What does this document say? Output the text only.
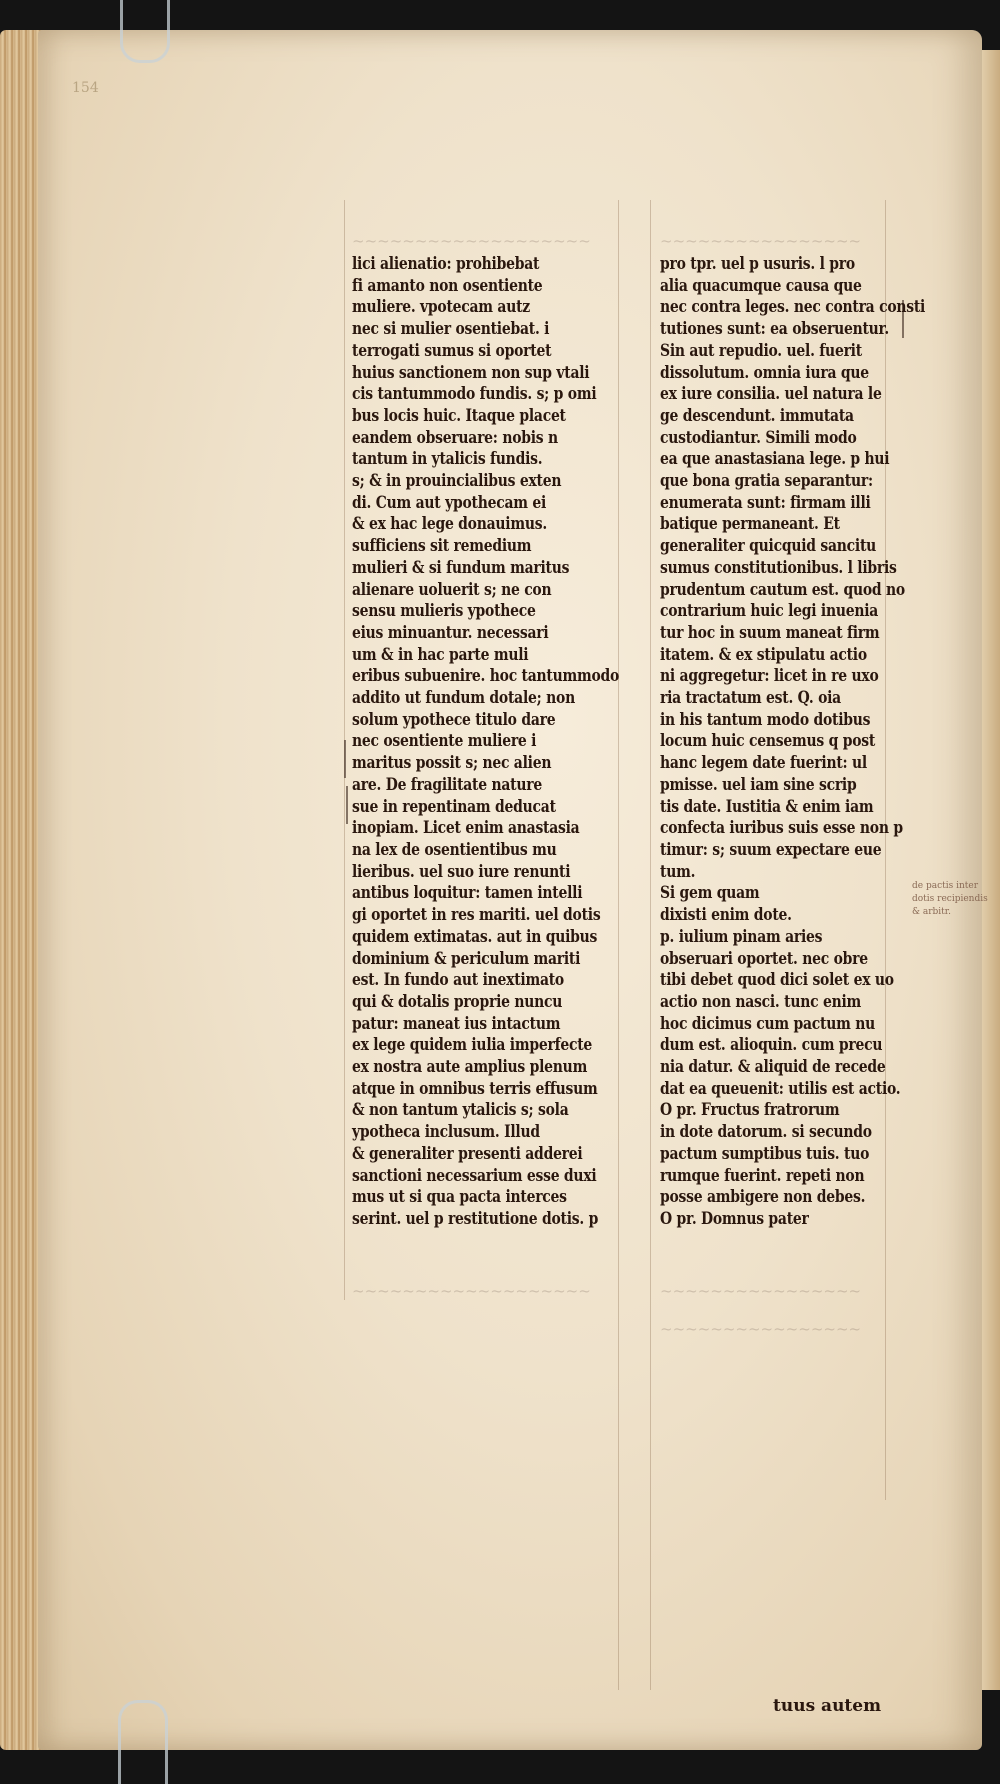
154
~~~~~~~~~~~~~~~~~~~	~~~~~~~~~~~~~~~~
~~~~~~~~~~~~~~~~~~~	~~~~~~~~~~~~~~~~
~~~~~~~~~~~~~~~~
lici alienatio: prohibebat
fi amanto non osentiente
muliere. vpotecam autz
nec si mulier osentiebat. i
terrogati sumus si oportet
huius sanctionem non sup vtali
cis tantummodo fundis. s; p omi
bus locis huic. Itaque placet
eandem obseruare: nobis n
tantum in ytalicis fundis.
s; & in prouincialibus exten
di. Cum aut ypothecam ei
& ex hac lege donauimus.
sufficiens sit remedium
mulieri & si fundum maritus
alienare uoluerit s; ne con
sensu mulieris ypothece
eius minuantur. necessari
um & in hac parte muli
eribus subuenire. hoc tantummodo
addito ut fundum dotale; non
solum ypothece titulo dare
nec osentiente muliere i
maritus possit s; nec alien
are. De fragilitate nature
sue in repentinam deducat
inopiam. Licet enim anastasia
na lex de osentientibus mu
lieribus. uel suo iure renunti
antibus loquitur: tamen intelli
gi oportet in res mariti. uel dotis
quidem extimatas. aut in quibus
dominium & periculum mariti
est. In fundo aut inextimato
qui & dotalis proprie nuncu
patur: maneat ius intactum
ex lege quidem iulia imperfecte
ex nostra aute amplius plenum
atque in omnibus terris effusum
& non tantum ytalicis s; sola
ypotheca inclusum. Illud
& generaliter presenti adderei
sanctioni necessarium esse duxi
mus ut si qua pacta interces
serint. uel p restitutione dotis. p
pro tpr. uel p usuris. l pro
alia quacumque causa que
nec contra leges. nec contra consti
tutiones sunt: ea obseruentur.
Sin aut repudio. uel. fuerit
dissolutum. omnia iura que
ex iure consilia. uel natura le
ge descendunt. immutata
custodiantur. Simili modo
ea que anastasiana lege. p hui
que bona gratia separantur:
enumerata sunt: firmam illi
batique permaneant. Et
generaliter quicquid sancitu
sumus constitutionibus. l libris
prudentum cautum est. quod no
contrarium huic legi inuenia
tur hoc in suum maneat firm
itatem. & ex stipulatu actio
ni aggregetur: licet in re uxo
ria tractatum est. Q. oia
in his tantum modo dotibus
locum huic censemus q post
hanc legem date fuerint: ul
pmisse. uel iam sine scrip
tis date. Iustitia & enim iam
confecta iuribus suis esse non p
timur: s; suum expectare eue
tum.
Si gem quam
dixisti enim dote.
p. iulium pinam aries
obseruari oportet. nec obre
tibi debet quod dici solet ex uo
actio non nasci. tunc enim
hoc dicimus cum pactum nu
dum est. alioquin. cum precu
nia datur. & aliquid de recede
dat ea queuenit: utilis est actio.
O pr. Fructus fratrorum
in dote datorum. si secundo
pactum sumptibus tuis. tuo
rumque fuerint. repeti non
posse ambigere non debes.
O pr. Domnus pater
de pactis inter
dotis recipiendis
& arbitr.
tuus autem
